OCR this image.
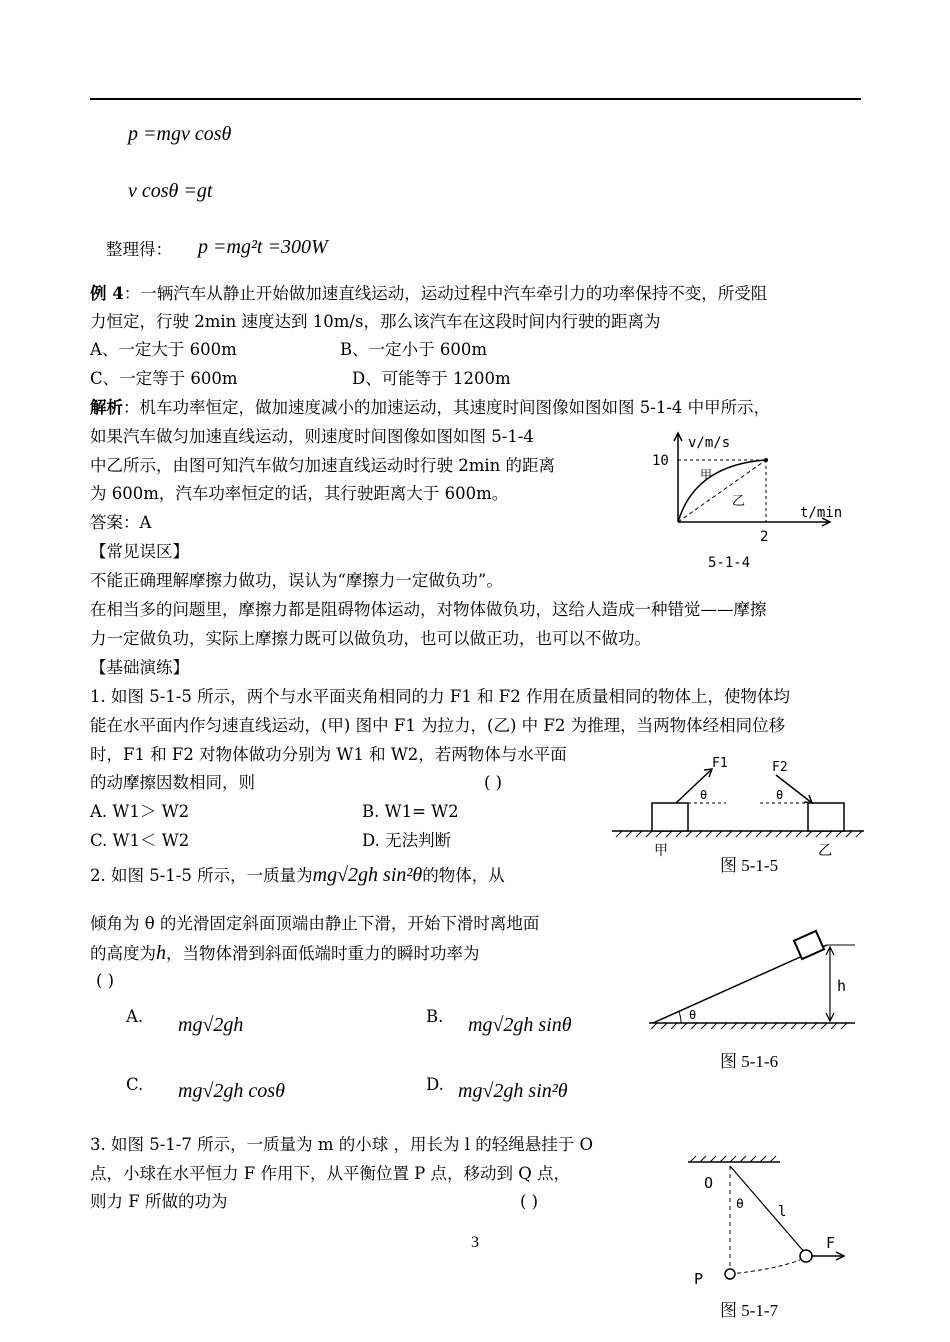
p =mgv cosθ
v cosθ =gt
整理得： p =mg²t =300W
例 4：一辆汽车从静止开始做加速直线运动，运动过程中汽车牵引力的功率保持不变，所受阻
力恒定，行驶 2min 速度达到 10m/s，那么该汽车在这段时间内行驶的距离为
A、一定大于 600m	B、一定小于 600m
C、一定等于 600m	D、可能等于 1200m
解析：机车功率恒定，做加速度减小的加速运动，其速度时间图像如图如图 5-1-4 中甲所示，
如果汽车做匀加速直线运动，则速度时间图像如图如图 5-1-4
中乙所示，由图可知汽车做匀加速直线运动时行驶 2min 的距离
为 600m，汽车功率恒定的话，其行驶距离大于 600m。
答案：A
v/m/s
10
t/min
2
甲
乙
5-1-4
【常见误区】
不能正确理解摩擦力做功，误认为“摩擦力一定做负功”。
在相当多的问题里，摩擦力都是阻碍物体运动，对物体做负功，这给人造成一种错觉——摩擦
力一定做负功，实际上摩擦力既可以做负功，也可以做正功，也可以不做功。
【基础演练】
1. 如图 5-1-5 所示，两个与水平面夹角相同的力 F1 和 F2 作用在质量相同的物体上，使物体均
能在水平面内作匀速直线运动，(甲) 图中 F1 为拉力，(乙) 中 F2 为推理，当两物体经相同位移
时，F1 和 F2 对物体做功分别为 W1 和 W2，若两物体与水平面
的动摩擦因数相同，则	( )
A. W1＞ W2	B. W1= W2
C. W1＜ W2	D. 无法判断
F1
θ
F2
θ
甲	乙
图 5-1-5
2. 如图 5-1-5 所示，一质量为mg√2gh sin²θ的物体，从
倾角为 θ 的光滑固定斜面顶端由静止下滑，开始下滑时离地面
的高度为h，当物体滑到斜面低端时重力的瞬时功率为
( )
A. mg√2gh	B. mg√2gh sinθ
C. mg√2gh cosθ	D. mg√2gh sin²θ
h
θ
图 5-1-6
3. 如图 5-1-7 所示，一质量为 m 的小球 ，用长为 l 的轻绳悬挂于 O
点，小球在水平恒力 F 作用下，从平衡位置 P 点，移动到 Q 点，
则力 F 所做的功为	( )
O
θ l
F
P
图 5-1-7
3
